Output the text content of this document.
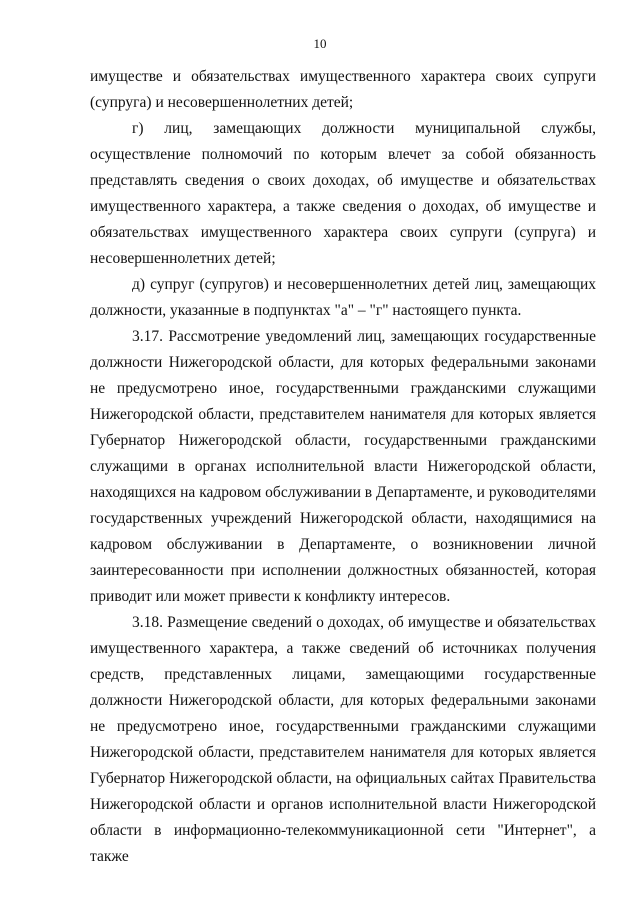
10

имуществе и обязательствах имущественного характера своих супруги (супруга) и несовершеннолетних детей;

г) лиц, замещающих должности муниципальной службы, осуществление полномочий по которым влечет за собой обязанность представлять сведения о своих доходах, об имуществе и обязательствах имущественного характера, а также сведения о доходах, об имуществе и обязательствах имущественного характера своих супруги (супруга) и несовершеннолетних детей;

д) супруг (супругов) и несовершеннолетних детей лиц, замещающих должности, указанные в подпунктах "а" – "г" настоящего пункта.

3.17. Рассмотрение уведомлений лиц, замещающих государственные должности Нижегородской области, для которых федеральными законами не предусмотрено иное, государственными гражданскими служащими Нижегородской области, представителем нанимателя для которых является Губернатор Нижегородской области, государственными гражданскими служащими в органах исполнительной власти Нижегородской области, находящихся на кадровом обслуживании в Департаменте, и руководителями государственных учреждений Нижегородской области, находящимися на кадровом обслуживании в Департаменте, о возникновении личной заинтересованности при исполнении должностных обязанностей, которая приводит или может привести к конфликту интересов.

3.18. Размещение сведений о доходах, об имуществе и обязательствах имущественного характера, а также сведений об источниках получения средств, представленных лицами, замещающими государственные должности Нижегородской области, для которых федеральными законами не предусмотрено иное, государственными гражданскими служащими Нижегородской области, представителем нанимателя для которых является Губернатор Нижегородской области, на официальных сайтах Правительства Нижегородской области и органов исполнительной власти Нижегородской области в информационно-телекоммуникационной сети "Интернет", а также
